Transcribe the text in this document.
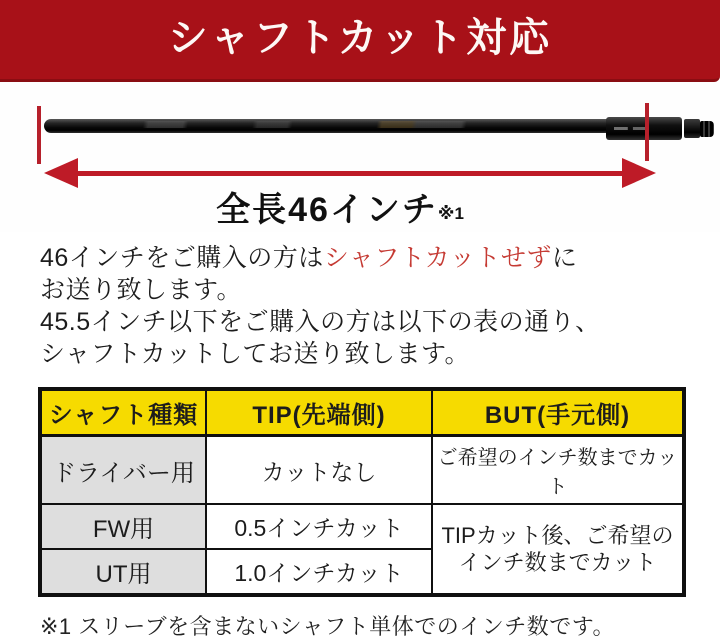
シャフトカット対応
全長46インチ※1
46インチをご購入の方はシャフトカットせずに
お送り致します。
45.5インチ以下をご購入の方は以下の表の通り、
シャフトカットしてお送り致します。
シャフト種類	TIP(先端側)	BUT(手元側)
ドライバー用	カットなし	ご希望のインチ数までカット
FW用	0.5インチカット	TIPカット後、ご希望の
インチ数までカット
UT用	1.0インチカット	
※1 スリーブを含まないシャフト単体でのインチ数です。
